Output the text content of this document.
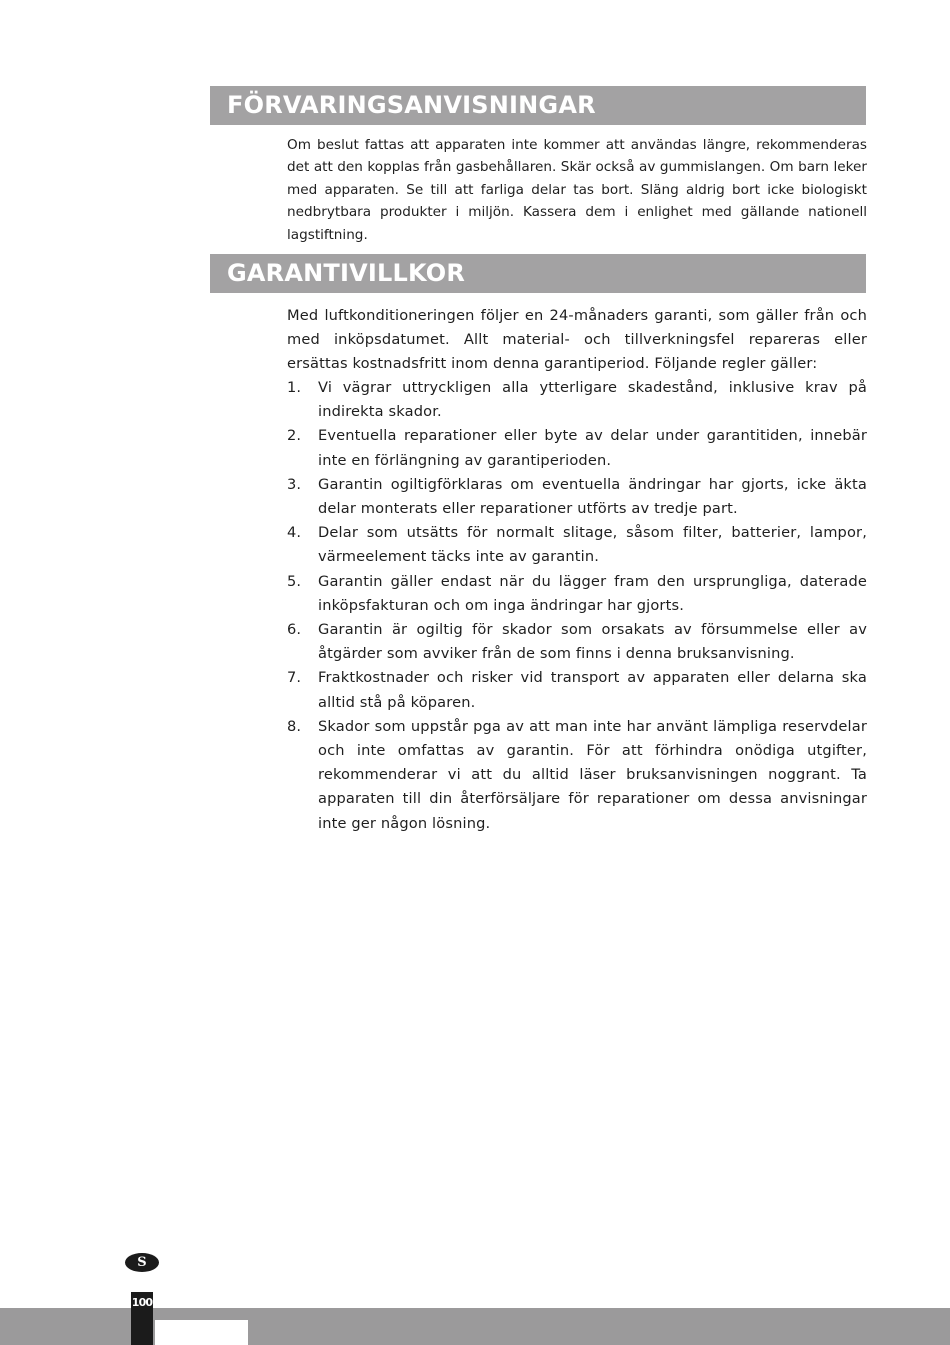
FÖRVARINGSANVISNINGAR

Om beslut fattas att apparaten inte kommer att användas längre, rekommenderas det att den kopplas från gasbehållaren. Skär också av gummislangen. Om barn leker med apparaten. Se till att farliga delar tas bort. Släng aldrig bort icke biologiskt nedbrytbara produkter i miljön. Kassera dem i enlighet med gällande nationell lagstiftning.

GARANTIVILLKOR

Med luftkonditioneringen följer en 24-månaders garanti, som gäller från och med inköpsdatumet. Allt material- och tillverkningsfel repareras eller ersättas kostnadsfritt inom denna garantiperiod. Följande regler gäller:

1. Vi vägrar uttryckligen alla ytterligare skadestånd, inklusive krav på indirekta skador.
2. Eventuella reparationer eller byte av delar under garantitiden, innebär inte en förlängning av garantiperioden.
3. Garantin ogiltigförklaras om eventuella ändringar har gjorts, icke äkta delar monterats eller reparationer utförts av tredje part.
4. Delar som utsätts för normalt slitage, såsom filter, batterier, lampor, värmeelement täcks inte av garantin.
5. Garantin gäller endast när du lägger fram den ursprungliga, daterade inköpsfakturan och om inga ändringar har gjorts.
6. Garantin är ogiltig för skador som orsakats av försummelse eller av åtgärder som avviker från de som finns i denna bruksanvisning.
7. Fraktkostnader och risker vid transport av apparaten eller delarna ska alltid stå på köparen.
8. Skador som uppstår pga av att man inte har använt lämpliga reservdelar och inte omfattas av garantin. För att förhindra onödiga utgifter, rekommenderar vi att du alltid läser bruksanvisningen noggrant. Ta apparaten till din återförsäljare för reparationer om dessa anvisningar inte ger någon lösning.
S
100
